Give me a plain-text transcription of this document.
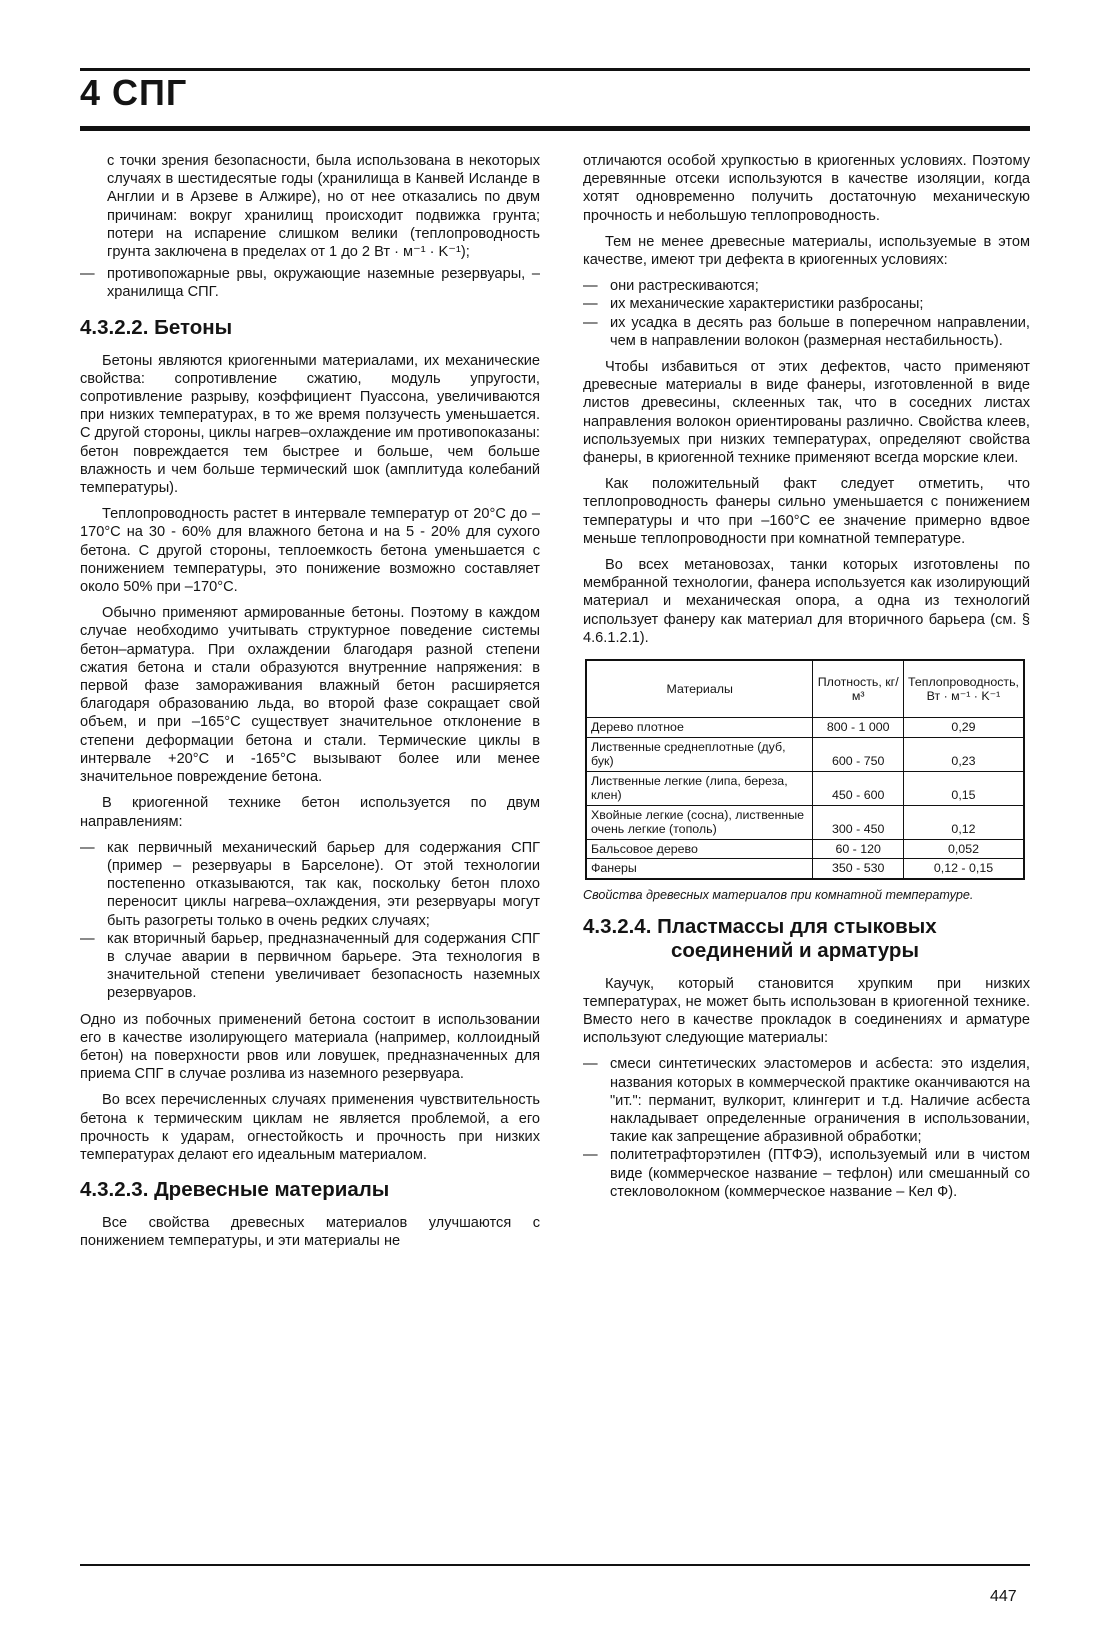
4 СПГ

с точки зрения безопасности, была использована в некоторых случаях в шестидесятые годы (хранилища в Канвей Исланде в Англии и в Арзеве в Алжире), но от нее отказались по двум причинам: вокруг хранилищ происходит подвижка грунта; потери на испарение слишком велики (теплопроводность грунта заключена в пределах от 1 до 2 Вт · м⁻¹ · K⁻¹);

— противопожарные рвы, окружающие наземные резервуары, – хранилища СПГ.
4.3.2.2. Бетоны

Бетоны являются криогенными материалами, их механические свойства: сопротивление сжатию, модуль упругости, сопротивление разрыву, коэффициент Пуассона, увеличиваются при низких температурах, в то же время ползучесть уменьшается. С другой стороны, циклы нагрев–охлаждение им противопоказаны: бетон повреждается тем быстрее и больше, чем больше влажность и чем больше термический шок (амплитуда колебаний температуры).

Теплопроводность растет в интервале температур от 20°C до –170°C на 30 - 60% для влажного бетона и на 5 - 20% для сухого бетона. С другой стороны, теплоемкость бетона уменьшается с понижением температуры, это понижение возможно составляет около 50% при –170°C.

Обычно применяют армированные бетоны. Поэтому в каждом случае необходимо учитывать структурное поведение системы бетон–арматура. При охлаждении благодаря разной степени сжатия бетона и стали образуются внутренние напряжения: в первой фазе замораживания влажный бетон расширяется благодаря образованию льда, во второй фазе сокращает свой объем, и при –165°C существует значительное отклонение в степени деформации бетона и стали. Термические циклы в интервале +20°C и -165°C вызывают более или менее значительное повреждение бетона.

В криогенной технике бетон используется по двум направлениям:

— как первичный механический барьер для содержания СПГ (пример – резервуары в Барселоне). От этой технологии постепенно отказываются, так как, поскольку бетон плохо переносит циклы нагрева–охлаждения, эти резервуары могут быть разогреты только в очень редких случаях;
— как вторичный барьер, предназначенный для содержания СПГ в случае аварии в первичном барьере. Эта технология в значительной степени увеличивает безопасность наземных резервуаров.

Одно из побочных применений бетона состоит в использовании его в качестве изолирующего материала (например, коллоидный бетон) на поверхности рвов или ловушек, предназначенных для приема СПГ в случае розлива из наземного резервуара.

Во всех перечисленных случаях применения чувствительность бетона к термическим циклам не является проблемой, а его прочность к ударам, огнестойкость и прочность при низких температурах делают его идеальным материалом.

4.3.2.3. Древесные материалы

Все свойства древесных материалов улучшаются с понижением температуры, и эти материалы не

отличаются особой хрупкостью в криогенных условиях. Поэтому деревянные отсеки используются в качестве изоляции, когда хотят одновременно получить достаточную механическую прочность и небольшую теплопроводность.

Тем не менее древесные материалы, используемые в этом качестве, имеют три дефекта в криогенных условиях:

— они растрескиваются;
— их механические характеристики разбросаны;
— их усадка в десять раз больше в поперечном направлении, чем в направлении волокон (размерная нестабильность).

Чтобы избавиться от этих дефектов, часто применяют древесные материалы в виде фанеры, изготовленной в виде листов древесины, склеенных так, что в соседних листах направления волокон ориентированы различно. Свойства клеев, используемых при низких температурах, определяют свойства фанеры, в криогенной технике применяют всегда морские клеи.

Как положительный факт следует отметить, что теплопроводность фанеры сильно уменьшается с понижением температуры и что при –160°C ее значение примерно вдвое меньше теплопроводности при комнатной температуре.

Во всех метановозах, танки которых изготовлены по мембранной технологии, фанера используется как изолирующий материал и механическая опора, а одна из технологий использует фанеру как материал для вторичного барьера (см. § 4.6.1.2.1).

Материалы	Плотность, кг/м³	Теплопроводность, Вт · м⁻¹ · K⁻¹
Дерево плотное	800 - 1 000	0,29
Лиственные среднеплотные (дуб, бук)	600 - 750	0,23
Лиственные легкие (липа, береза, клен)	450 - 600	0,15
Хвойные легкие (сосна), лиственные очень легкие (тополь)	300 - 450	0,12
Бальсовое дерево	60 - 120	0,052
Фанеры	350 - 530	0,12 - 0,15

Свойства древесных материалов при комнатной температуре.

4.3.2.4. Пластмассы для стыковых
соединений и арматуры

Каучук, который становится хрупким при низких температурах, не может быть использован в криогенной технике. Вместо него в качестве прокладок в соединениях и арматуре используют следующие материалы:

— смеси синтетических эластомеров и асбеста: это изделия, названия которых в коммерческой практике оканчиваются на "ит.": перманит, вулкорит, клингерит и т.д. Наличие асбеста накладывает определенные ограничения в использовании, такие как запрещение абразивной обработки;
— политетрафторэтилен (ПТФЭ), используемый или в чистом виде (коммерческое название – тефлон) или смешанный со стекловолокном (коммерческое название – Кел Ф).
447
